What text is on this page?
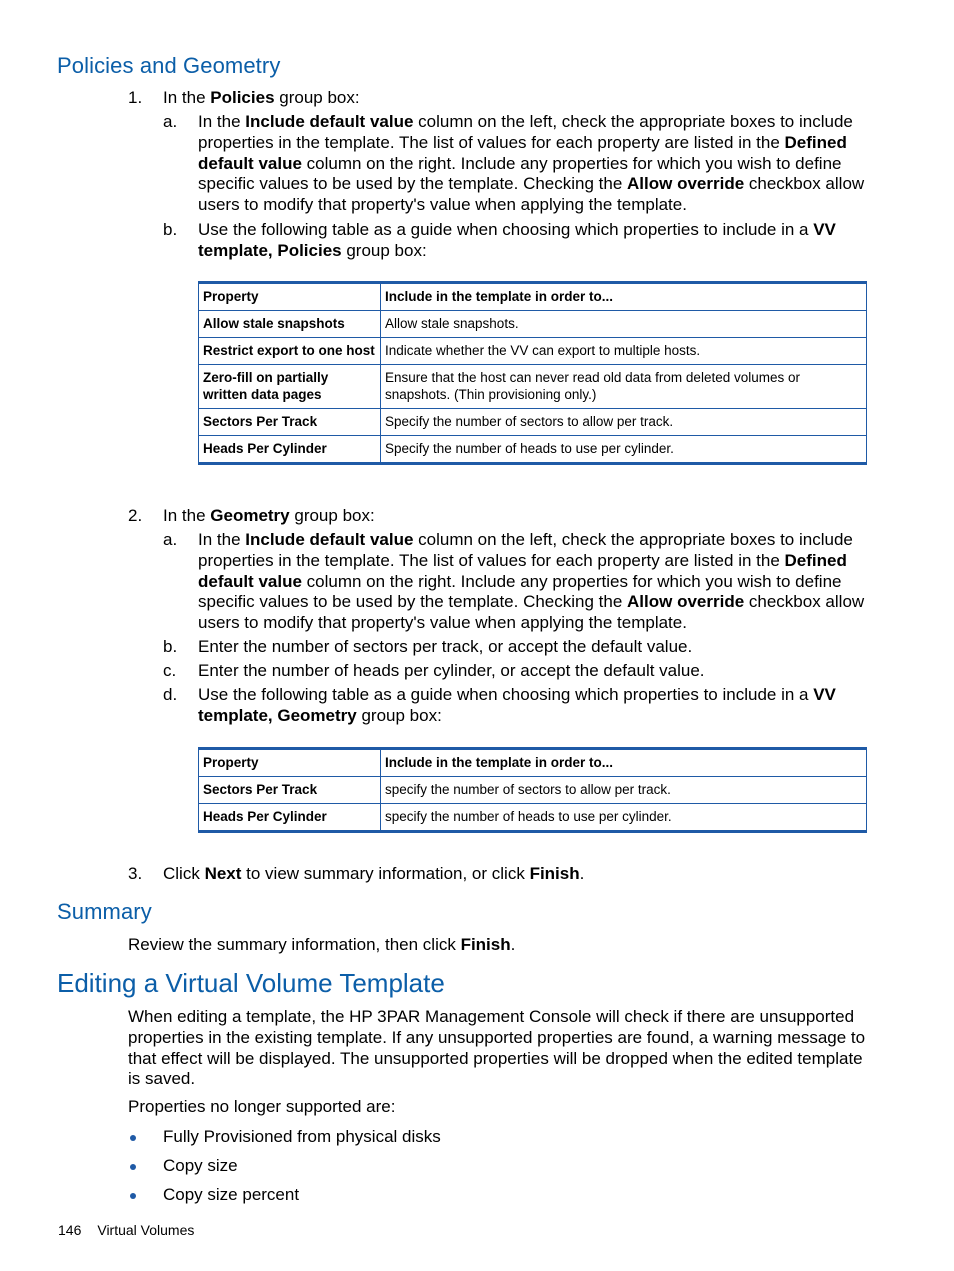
Policies and Geometry
1. In the Policies group box:
a. In the Include default value column on the left, check the appropriate boxes to include properties in the template. The list of values for each property are listed in the Defined default value column on the right. Include any properties for which you wish to define specific values to be used by the template. Checking the Allow override checkbox allow users to modify that property's value when applying the template.
b. Use the following table as a guide when choosing which properties to include in a VV template, Policies group box:
Property	Include in the template in order to...
Allow stale snapshots	Allow stale snapshots.
Restrict export to one host	Indicate whether the VV can export to multiple hosts.
Zero-fill on partially written data pages	Ensure that the host can never read old data from deleted volumes or snapshots. (Thin provisioning only.)
Sectors Per Track	Specify the number of sectors to allow per track.
Heads Per Cylinder	Specify the number of heads to use per cylinder.
2. In the Geometry group box:
a. In the Include default value column on the left, check the appropriate boxes to include properties in the template. The list of values for each property are listed in the Defined default value column on the right. Include any properties for which you wish to define specific values to be used by the template. Checking the Allow override checkbox allow users to modify that property's value when applying the template.
b. Enter the number of sectors per track, or accept the default value.
c. Enter the number of heads per cylinder, or accept the default value.
d. Use the following table as a guide when choosing which properties to include in a VV template, Geometry group box:
Property	Include in the template in order to...
Sectors Per Track	specify the number of sectors to allow per track.
Heads Per Cylinder	specify the number of heads to use per cylinder.
3. Click Next to view summary information, or click Finish.
Summary
Review the summary information, then click Finish.
Editing a Virtual Volume Template
When editing a template, the HP 3PAR Management Console will check if there are unsupported properties in the existing template. If any unsupported properties are found, a warning message to that effect will be displayed. The unsupported properties will be dropped when the edited template is saved.
Properties no longer supported are:
Fully Provisioned from physical disks
Copy size
Copy size percent
146 Virtual Volumes
